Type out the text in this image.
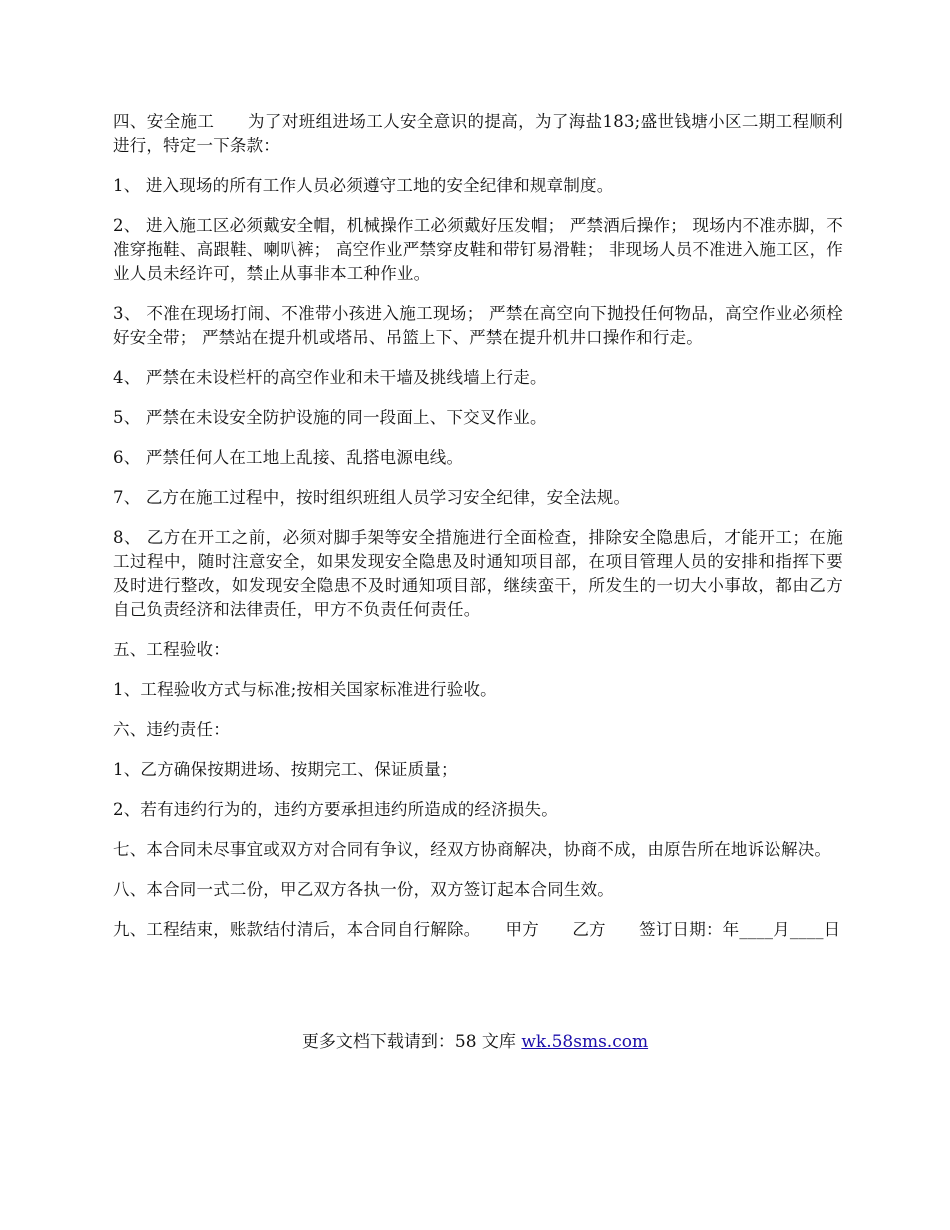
四、安全施工　　为了对班组进场工人安全意识的提高，为了海盐183;盛世钱塘小区二期工程顺利进行，特定一下条款：

1、 进入现场的所有工作人员必须遵守工地的安全纪律和规章制度。

2、 进入施工区必须戴安全帽，机械操作工必须戴好压发帽； 严禁酒后操作； 现场内不准赤脚，不准穿拖鞋、高跟鞋、喇叭裤； 高空作业严禁穿皮鞋和带钉易滑鞋； 非现场人员不准进入施工区，作业人员未经许可，禁止从事非本工种作业。

3、 不准在现场打闹、不准带小孩进入施工现场； 严禁在高空向下抛投任何物品，高空作业必须栓好安全带； 严禁站在提升机或塔吊、吊篮上下、严禁在提升机井口操作和行走。

4、 严禁在未设栏杆的高空作业和未干墙及挑线墙上行走。

5、 严禁在未设安全防护设施的同一段面上、下交叉作业。

6、 严禁任何人在工地上乱接、乱搭电源电线。

7、 乙方在施工过程中，按时组织班组人员学习安全纪律，安全法规。

8、 乙方在开工之前，必须对脚手架等安全措施进行全面检查，排除安全隐患后，才能开工；在施工过程中，随时注意安全，如果发现安全隐患及时通知项目部，在项目管理人员的安排和指挥下要及时进行整改，如发现安全隐患不及时通知项目部，继续蛮干，所发生的一切大小事故，都由乙方自己负责经济和法律责任，甲方不负责任何责任。

五、工程验收：

1、工程验收方式与标准;按相关国家标准进行验收。

六、违约责任：

1、乙方确保按期进场、按期完工、保证质量；

2、若有违约行为的，违约方要承担违约所造成的经济损失。

七、本合同未尽事宜或双方对合同有争议，经双方协商解决，协商不成，由原告所在地诉讼解决。

八、本合同一式二份，甲乙双方各执一份，双方签订起本合同生效。

九、工程结束，账款结付清后，本合同自行解除。　　甲方　　乙方　　签订日期：年____月____日

更多文档下载请到：58 文库 wk.58sms.com
